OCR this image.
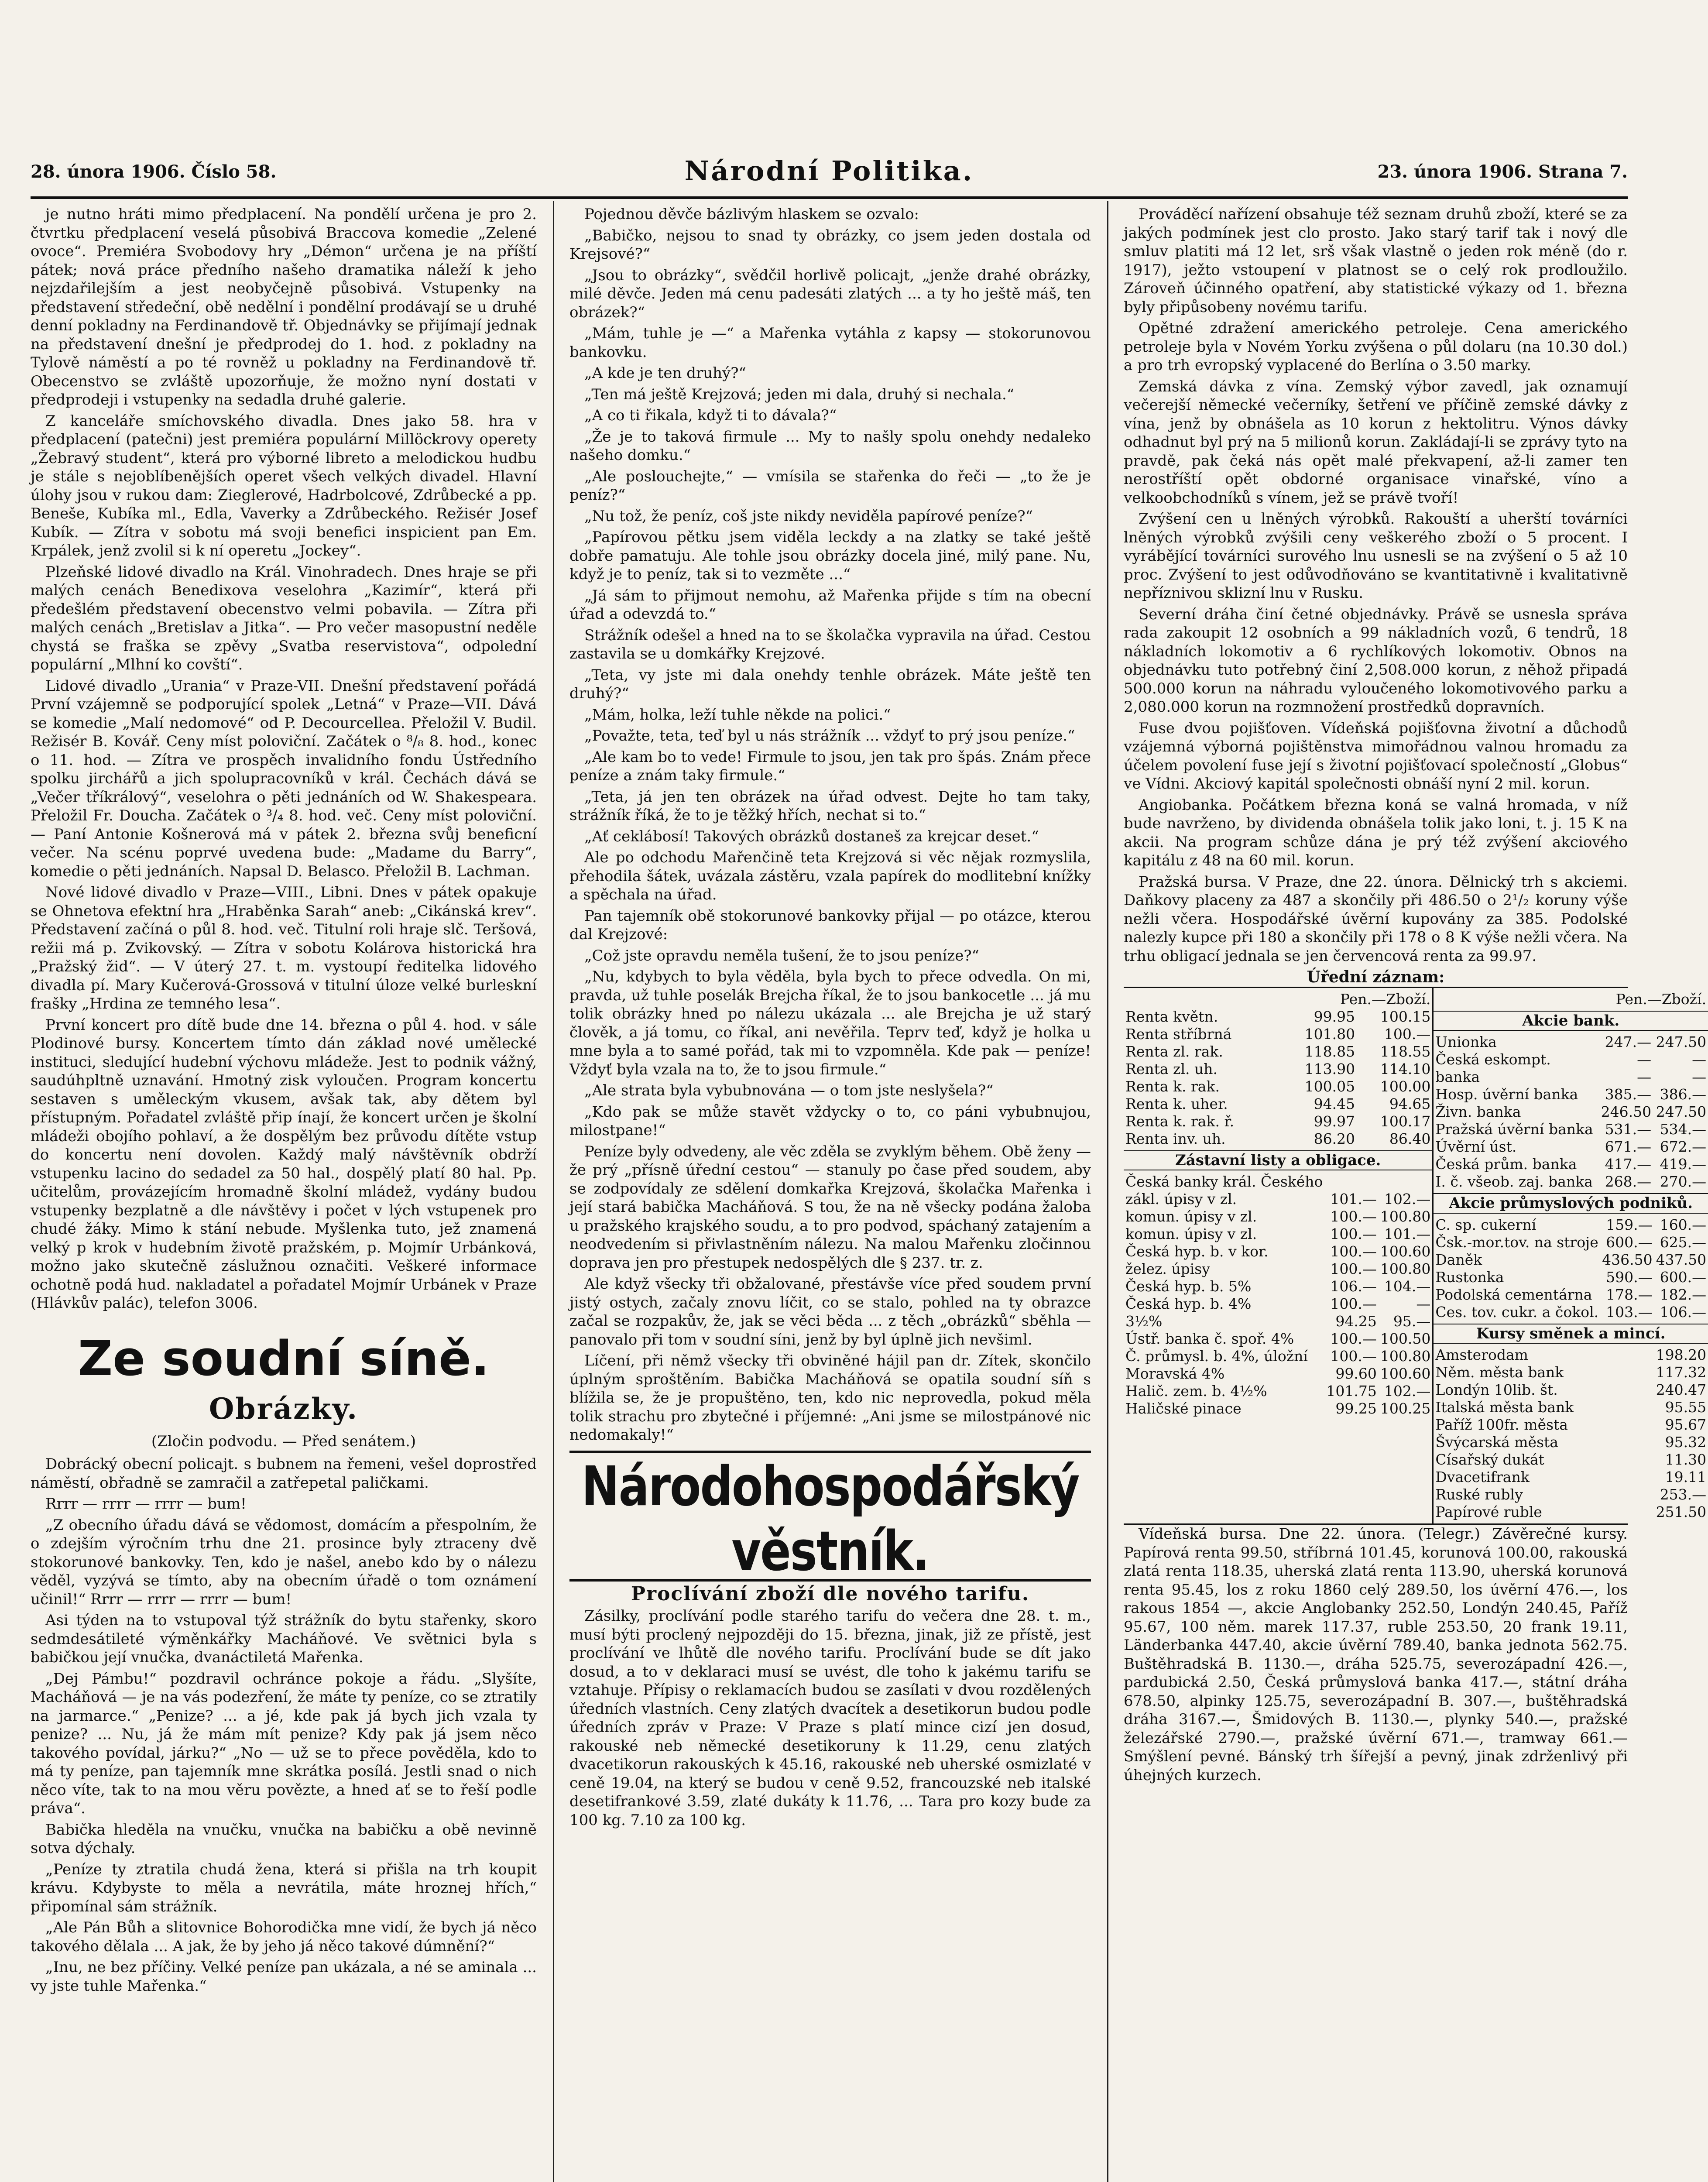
28. února 1906. Číslo 58.	Národní Politika.	23. února 1906. Strana 7.

je nutno hráti mimo předplacení. Na pondělí určena je pro 2. čtvrtku předplacení veselá působivá Braccova komedie „Zelené ovoce“. Premiéra Svobodovy hry „Démon“ určena je na příští pátek; nová práce předního našeho dramatika náleží k jeho nejzdařilejším a jest neobyčejně působivá. Vstupenky na představení středeční, obě nedělní i pondělní prodávají se u druhé denní pokladny na Ferdinandově tř. Objednávky se přijímají jednak na představení dnešní je předprodej do 1. hod. z pokladny na Tylově náměstí a po té rovněž u pokladny na Ferdinandově tř. Obecenstvo se zvláště upozorňuje, že možno nyní dostati v předprodeji i vstupenky na sedadla druhé galerie.

Z kanceláře smíchovského divadla. Dnes jako 58. hra v předplacení (patečni) jest premiéra populární Millöckrovy operety „Žebravý student“, která pro výborné libreto a melodickou hudbu je stále s nejoblíbenějších operet všech velkých divadel. Hlavní úlohy jsou v rukou dam: Zieglerové, Hadrbolcové, Zdrůbecké a pp. Beneše, Kubíka ml., Edla, Vaverky a Zdrůbeckého. Režisér Josef Kubík. — Zítra v sobotu má svoji benefici inspicient pan Em. Krpálek, jenž zvolil si k ní operetu „Jockey“.

Plzeňské lidové divadlo na Král. Vinohradech. Dnes hraje se při malých cenách Benedixova veselohra „Kazimír“, která při předešlém představení obecenstvo velmi pobavila. — Zítra při malých cenách „Bretislav a Jitka“. — Pro večer masopustní neděle chystá se fraška se zpěvy „Svatba reservistova“, odpolední populární „Mlhní ko covští“.

Lidové divadlo „Urania“ v Praze-VII. Dnešní představení pořádá První vzájemně se podporující spolek „Letná“ v Praze—VII. Dává se komedie „Malí nedomové“ od P. Decourcellea. Přeložil V. Budil. Režisér B. Kovář. Ceny míst poloviční. Začátek o ⁸/₈ 8. hod., konec o 11. hod. — Zítra ve prospěch invalidního fondu Ústředního spolku jirchářů a jich spolupracovníků v král. Čechách dává se „Večer tříkrálový“, veselohra o pěti jednáních od W. Shakespeara. Přeložil Fr. Doucha. Začátek o ³/₄ 8. hod. več. Ceny míst poloviční. — Paní Antonie Košnerová má v pátek 2. března svůj beneficní večer. Na scénu poprvé uvedena bude: „Madame du Barry“, komedie o pěti jednáních. Napsal D. Belasco. Přeložil B. Lachman.

Nové lidové divadlo v Praze—VIII., Libni. Dnes v pátek opakuje se Ohnetova efektní hra „Hraběnka Sarah“ aneb: „Cikánská krev“. Představení začíná o půl 8. hod. več. Titulní roli hraje slč. Teršová, režii má p. Zvikovský. — Zítra v sobotu Kolárova historická hra „Pražský žid“. — V úterý 27. t. m. vystoupí ředitelka lidového divadla pí. Mary Kučerová-Grossová v titulní úloze velké burleskní frašky „Hrdina ze temného lesa“.

První koncert pro dítě bude dne 14. března o půl 4. hod. v sále Plodinové bursy. Koncertem tímto dán základ nové umělecké instituci, sledující hudební výchovu mládeže. Jest to podnik vážný, saudúhpltně uznavání. Hmotný zisk vyloučen. Program koncertu sestaven s uměleckým vkusem, avšak tak, aby dětem byl přístupným. Pořadatel zvláště přip ínají, že koncert určen je školní mládeži obojího pohlaví, a že dospělým bez průvodu dítěte vstup do koncertu není dovolen. Každý malý návštěvník obdrží vstupenku lacino do sedadel za 50 hal., dospělý platí 80 hal. Pp. učitelům, provázejícím hromadně školní mládež, vydány budou vstupenky bezplatně a dle návštěvy i počet v lých vstupenek pro chudé žáky. Mimo k stání nebude. Myšlenka tuto, jež znamená velký p krok v hudebním životě pražském, p. Mojmír Urbánková, možno jako skutečně záslužnou označiti. Veškeré informace ochotně podá hud. nakladatel a pořadatel Mojmír Urbánek v Praze (Hlávkův palác), telefon 3006.

Ze soudní síně.
Obrázky.
(Zločin podvodu. — Před senátem.)

Dobrácký obecní policajt. s bubnem na řemeni, vešel doprostřed náměstí, obřadně se zamračil a zatřepetal paličkami.

Rrrr — rrrr — rrrr — bum!

„Z obecního úřadu dává se vědomost, domácím a přespolním, že o zdejším výročním trhu dne 21. prosince byly ztraceny dvě stokorunové bankovky. Ten, kdo je našel, anebo kdo by o nálezu věděl, vyzývá se tímto, aby na obecním úřadě o tom oznámení učinil!“ Rrrr — rrrr — rrrr — bum!

Asi týden na to vstupoval týž strážník do bytu stařenky, skoro sedmdesátileté výměnkářky Macháňové. Ve světnici byla s babičkou její vnučka, dvanáctiletá Mařenka.

„Dej Pámbu!“ pozdravil ochránce pokoje a řádu. „Slyšíte, Macháňová — je na vás podezření, že máte ty peníze, co se ztratily na jarmarce.“ „Penize? ... a jé, kde pak já bych jich vzala ty penize? ... Nu, já že mám mít penize? Kdy pak já jsem něco takového povídal, járku?“ „No — už se to přece pověděla, kdo to má ty peníze, pan tajemník mne skrátka posílá. Jestli snad o nich něco víte, tak to na mou věru povězte, a hned ať se to řeší podle práva“.

Babička hleděla na vnučku, vnučka na babičku a obě nevinně sotva dýchaly.

„Peníze ty ztratila chudá žena, která si přišla na trh koupit krávu. Kdybyste to měla a nevrátila, máte hroznej hřích,“ připomínal sám strážník.

„Ale Pán Bůh a slitovnice Bohorodička mne vidí, že bych já něco takového dělala ... A jak, že by jeho já něco takové dúmnění?“

„Inu, ne bez příčiny. Velké peníze pan ukázala, a né se aminala ... vy jste tuhle Mařenka.“

Pojednou děvče bázlivým hlaskem se ozvalo:

„Babičko, nejsou to snad ty obrázky, co jsem jeden dostala od Krejsové?“

„Jsou to obrázky“, svědčil horlivě policajt, „jenže drahé obrázky, milé děvče. Jeden má cenu padesáti zlatých ... a ty ho ještě máš, ten obrázek?“

„Mám, tuhle je —“ a Mařenka vytáhla z kapsy — stokorunovou bankovku.

„A kde je ten druhý?“

„Ten má ještě Krejzová; jeden mi dala, druhý si nechala.“

„A co ti řikala, když ti to dávala?“

„Že je to taková firmule ... My to našly spolu onehdy nedaleko našeho domku.“

„Ale poslouchejte,“ — vmísila se stařenka do řeči — „to že je peníz?“

„Nu tož, že peníz, coš jste nikdy neviděla papírové peníze?“

„Papírovou pětku jsem viděla leckdy a na zlatky se také ještě dobře pamatuju. Ale tohle jsou obrázky docela jiné, milý pane. Nu, když je to peníz, tak si to vezměte ...“

„Já sám to přijmout nemohu, až Mařenka přijde s tím na obecní úřad a odevzdá to.“

Strážník odešel a hned na to se školačka vypravila na úřad. Cestou zastavila se u domkářky Krejzové.

„Teta, vy jste mi dala onehdy tenhle obrázek. Máte ještě ten druhý?“

„Mám, holka, leží tuhle někde na polici.“

„Považte, teta, teď byl u nás strážník ... vždyť to prý jsou peníze.“

„Ale kam bo to vede! Firmule to jsou, jen tak pro špás. Znám přece peníze a znám taky firmule.“

„Teta, já jen ten obrázek na úřad odvest. Dejte ho tam taky, strážník říká, že to je těžký hřích, nechat si to.“

„Ať ceklábosí! Takových obrázků dostaneš za krejcar deset.“

Ale po odchodu Mařenčině teta Krejzová si věc nějak rozmyslila, přehodila šátek, uvázala zástěru, vzala papírek do modlitební knížky a spěchala na úřad.

Pan tajemník obě stokorunové bankovky přijal — po otázce, kterou dal Krejzové:

„Což jste opravdu neměla tušení, že to jsou peníze?“

„Nu, kdybych to byla věděla, byla bych to přece odvedla. On mi, pravda, už tuhle poselák Brejcha říkal, že to jsou bankocetle ... já mu tolik obrázky hned po nálezu ukázala ... ale Brejcha je už starý člověk, a já tomu, co říkal, ani nevěřila. Teprv teď, když je holka u mne byla a to samé pořád, tak mi to vzpomněla. Kde pak — peníze! Vždyť byla vzala na to, že to jsou firmule.“

„Ale strata byla vybubnována — o tom jste neslyšela?“

„Kdo pak se může stavět vždycky o to, co páni vybubnujou, milostpane!“

Peníze byly odvedeny, ale věc zděla se zvyklým během. Obě ženy — že prý „přísně úřední cestou“ — stanuly po čase před soudem, aby se zodpovídaly ze sdělení domkařka Krejzová, školačka Mařenka i její stará babička Macháňová. S tou, že na ně všecky podána žaloba u pražského krajského soudu, a to pro podvod, spáchaný zatajením a neodvedením si přivlastněním nálezu. Na malou Mařenku zločinnou doprava jen pro přestupek nedospělých dle § 237. tr. z.

Ale když všecky tři obžalované, přestávše více před soudem první jistý ostych, začaly znovu líčit, co se stalo, pohled na ty obrazce začal se rozpakův, že, jak se věci běda ... z těch „obrázků“ sběhla — panovalo při tom v soudní síni, jenž by byl úplně jich nevšiml.

Líčení, při němž všecky tři obviněné hájil pan dr. Zítek, skončilo úplným sproštěním. Babička Macháňová se opatila soudní síň s blížila se, že je propuštěno, ten, kdo nic neprovedla, pokud měla tolik strachu pro zbytečné i příjemné: „Ani jsme se milostpánové nic nedomakaly!“

Národohospodářský věstník.
Proclívání zboží dle nového tarifu.

Zásilky, proclívání podle starého tarifu do večera dne 28. t. m., musí býti proclený nejpozději do 15. března, jinak, již ze přístě, jest proclívání ve lhůtě dle nového tarifu. Proclívání bude se dít jako dosud, a to v deklaraci musí se uvést, dle toho k jakému tarifu se vztahuje. Přípisy o reklamacích budou se zasílati v dvou rozdělených úředních vlastních. Ceny zlatých dvacítek a desetikorun budou podle úředních zpráv v Praze: V Praze s platí mince cizí jen dosud, rakouské neb německé desetikoruny k 11.29, cenu zlatých dvacetikorun rakouských k 45.16, rakouské neb uherské osmizlaté v ceně 19.04, na který se budou v ceně 9.52, francouzské neb italské desetifrankové 3.59, zlaté dukáty k 11.76, ... Tara pro kozy bude za 100 kg. 7.10 za 100 kg.

Prováděcí nařízení obsahuje též seznam druhů zboží, které se za jakých podmínek jest clo prosto. Jako starý tarif tak i nový dle smluv platiti má 12 let, srš však vlastně o jeden rok méně (do r. 1917), ježto vstoupení v platnost se o celý rok prodloužilo. Zároveň účinného opatření, aby statistické výkazy od 1. března byly připůsobeny novému tarifu.

Opětné zdražení amerického petroleje. Cena amerického petroleje byla v Novém Yorku zvýšena o půl dolaru (na 10.30 dol.) a pro trh evropský vyplacené do Berlína o 3.50 marky.

Zemská dávka z vína. Zemský výbor zavedl, jak oznamují večerejší německé večerníky, šetření ve příčině zemské dávky z vína, jenž by obnášela as 10 korun z hektolitru. Výnos dávky odhadnut byl prý na 5 milionů korun. Zakládají-li se zprávy tyto na pravdě, pak čeká nás opět malé překvapení, až-li zamer ten nerostříští opět obdorné organisace vinařské, víno a velkoobchodníků s vínem, jež se právě tvoří!

Zvýšení cen u lněných výrobků. Rakouští a uherští továrníci lněných výrobků zvýšili ceny veškerého zboží o 5 procent. I vyrábějící továrníci surového lnu usnesli se na zvýšení o 5 až 10 proc. Zvýšení to jest odůvodňováno se kvantitativně i kvalitativně nepříznivou sklizní lnu v Rusku.

Severní dráha činí četné objednávky. Právě se usnesla správa rada zakoupit 12 osobních a 99 nákladních vozů, 6 tendrů, 18 nákladních lokomotiv a 6 rychlíkových lokomotiv. Obnos na objednávku tuto potřebný činí 2,508.000 korun, z něhož připadá 500.000 korun na náhradu vyloučeného lokomotivového parku a 2,080.000 korun na rozmnožení prostředků dopravních.

Fuse dvou pojišťoven. Vídeňská pojišťovna životní a důchodů vzájemná výborná pojištěnstva mimořádnou valnou hromadu za účelem povolení fuse její s životní pojišťovací společností „Globus“ ve Vídni. Akciový kapitál společnosti obnáší nyní 2 mil. korun.

Angiobanka. Počátkem března koná se valná hromada, v níž bude navrženo, by dividenda obnášela tolik jako loni, t. j. 15 K na akcii. Na program schůze dána je prý též zvýšení akciového kapitálu z 48 na 60 mil. korun.

Pražská bursa. V Praze, dne 22. února. Dělnický trh s akciemi. Daňkovy placeny za 487 a skončily při 486.50 o 2¹/₂ koruny výše nežli včera. Hospodářské úvěrní kupovány za 385. Podolské nalezly kupce při 180 a skončily při 178 o 8 K výše nežli včera. Na trhu obligací jednala se jen červencová renta za 99.97.

Úřední záznam:
	Pen.—Zboží.	
Renta květn.	99.95	100.15
Renta stříbrná	101.80	100.—
Renta zl. rak.	118.85	118.55
Renta zl. uh.	113.90	114.10
Renta k. rak.	100.05	100.00
Renta k. uher.	94.45	94.65
Renta k. rak. ř.	99.97	100.17
Renta inv. uh.	86.20	86.40
Zástavní listy a obligace.
Česká banky král. Českého		
zákl. úpisy v zl.	101.—	102.—
komun. úpisy v zl.	100.—	100.80
komun. úpisy v zl.	100.—	101.—
Česká hyp. b. v kor.	100.—	100.60
želez. úpisy	100.—	100.80
Česká hyp. b. 5%	106.—	104.—
Česká hyp. b. 4%	100.—	—
3½%	94.25	95.—
Ústř. banka č. spoř. 4%	100.—	100.50
Č. průmysl. b. 4%, úložní	100.—	100.80
Moravská 4%	99.60	100.60
Halič. zem. b. 4½%	101.75	102.—
Haličské pinace	99.25	100.25
	Pen.—Zboží.
Akcie bank.
Unionka	247.—	247.50
Česká eskompt.	—	—
banka	—	—
Hosp. úvěrní banka	385.—	386.—
Živn. banka	246.50	247.50
Pražská úvěrní banka	531.—	534.—
Úvěrní úst.	671.—	672.—
Česká prům. banka	417.—	419.—
I. č. všeob. zaj. banka	268.—	270.—
Akcie průmyslových podniků.
C. sp. cukerní	159.—	160.—
Čsk.-mor.tov. na stroje	600.—	625.—
Daněk	436.50	437.50
Rustonka	590.—	600.—
Podolská cementárna	178.—	182.—
Ces. tov. cukr. a čokol.	103.—	106.—
Kursy směnek a mincí.
Amsterodam	198.20
Něm. města bank	117.32
Londýn 10lib. št.	240.47
Italská města bank	95.55
Paříž 100fr. města	95.67
Švýcarská města	95.32
Císařský dukát	11.30
Dvacetifrank	19.11
Ruské rubly	253.—
Papírové ruble	251.50

Vídeňská bursa. Dne 22. února. (Telegr.) Závěrečné kursy. Papírová renta 99.50, stříbrná 101.45, korunová 100.00, rakouská zlatá renta 118.35, uherská zlatá renta 113.90, uherská korunová renta 95.45, los z roku 1860 celý 289.50, los úvěrní 476.—, los rakous 1854 —, akcie Anglobanky 252.50, Londýn 240.45, Paříž 95.67, 100 něm. marek 117.37, ruble 253.50, 20 frank 19.11, Länderbanka 447.40, akcie úvěrní 789.40, banka jednota 562.75. Buštěhradská B. 1130.—, dráha 525.75, severozápadní 426.—, pardubická 2.50, Česká průmyslová banka 417.—, státní dráha 678.50, alpinky 125.75, severozápadní B. 307.—, buštěhradská dráha 3167.—, Šmidových B. 1130.—, plynky 540.—, pražské železářské 2790.—, pražské úvěrní 671.—, tramway 661.— Smýšlení pevné. Bánský trh šířejší a pevný, jinak zdrženlivý při úhejných kurzech.
